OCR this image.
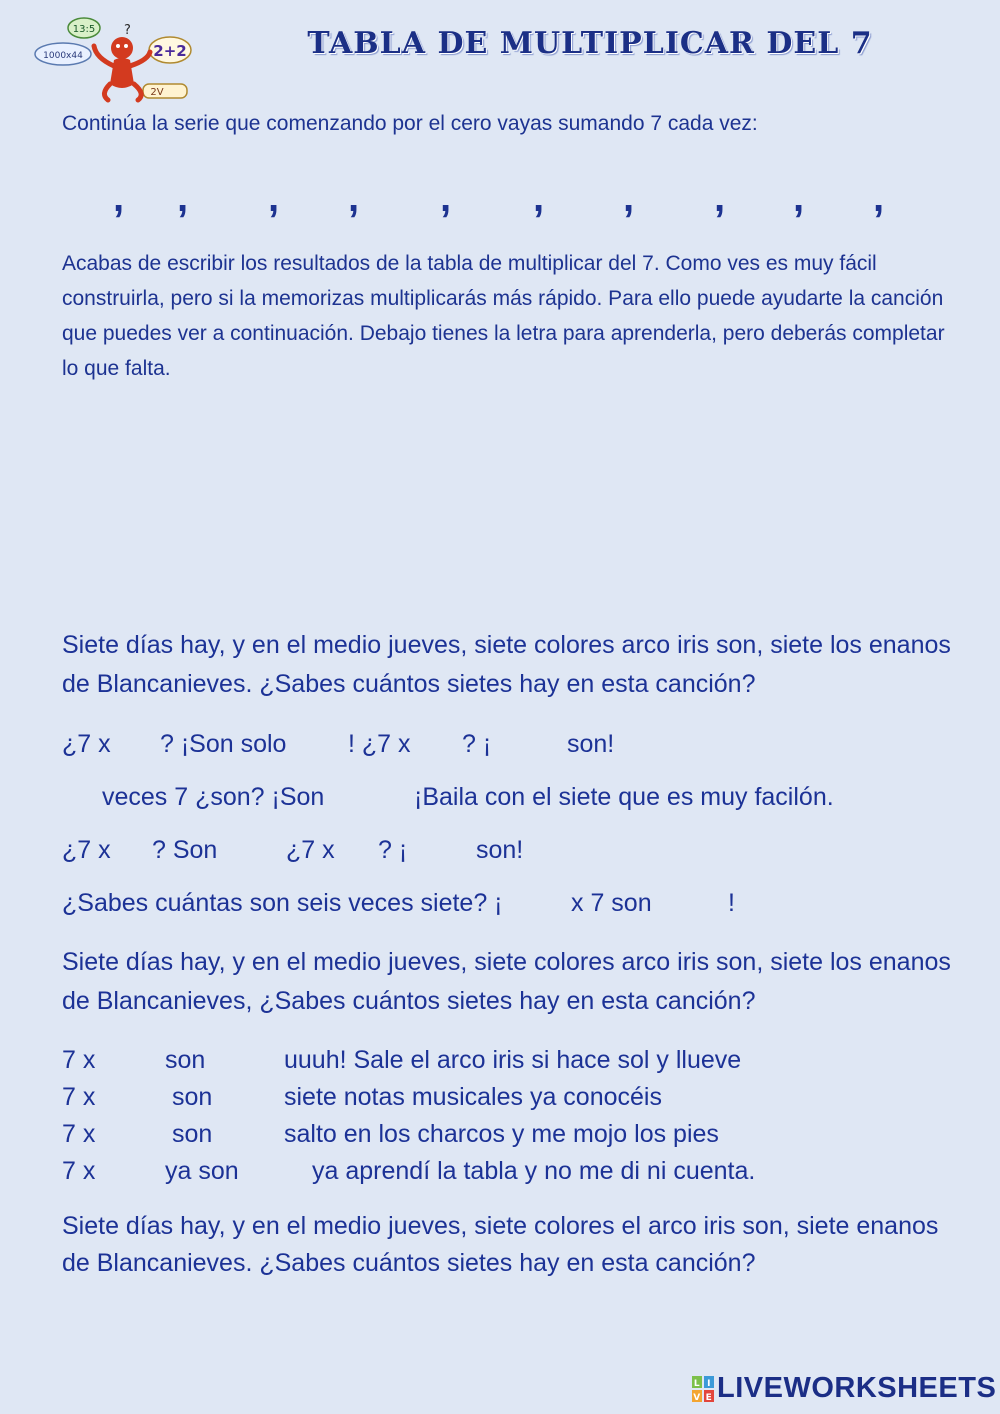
13:5
1000x44	2+2
2V
?	TABLA DE MULTIPLICAR DEL 7
Continúa la serie que comenzando por el cero vayas sumando 7 cada vez:
, , , , , , , , , ,
Acabas de escribir los resultados de la tabla de multiplicar del 7. Como ves es muy fácil construirla, pero si la memorizas multiplicarás más rápido. Para ello puede ayudarte la canción que puedes ver a continuación. Debajo tienes la letra para aprenderla, pero deberás completar lo que falta.
Siete días hay, y en el medio jueves, siete colores arco iris son, siete los enanos de Blancanieves. ¿Sabes cuántos sietes hay en esta canción?
¿7 x ? ¡Son solo ! ¿7 x ? ¡	son!
veces 7 ¿son? ¡Son	¡Baila con el siete que es muy facilón.
¿7 x ? Son	¿7 x ? ¡	son!
¿Sabes cuántas son seis veces siete? ¡	x 7 son	!
Siete días hay, y en el medio jueves, siete colores arco iris son, siete los enanos de Blancanieves, ¿Sabes cuántos sietes hay en esta canción?
7 x	son	uuuh! Sale el arco iris si hace sol y llueve
7 x	son	siete notas musicales ya conocéis
7 x	son	salto en los charcos y me mojo los pies
7 x	ya son	ya aprendí la tabla y no me di ni cuenta.
Siete días hay, y en el medio jueves, siete colores el arco iris son, siete enanos de Blancanieves. ¿Sabes cuántos sietes hay en esta canción?
L I
V E LIVEWORKSHEETS
